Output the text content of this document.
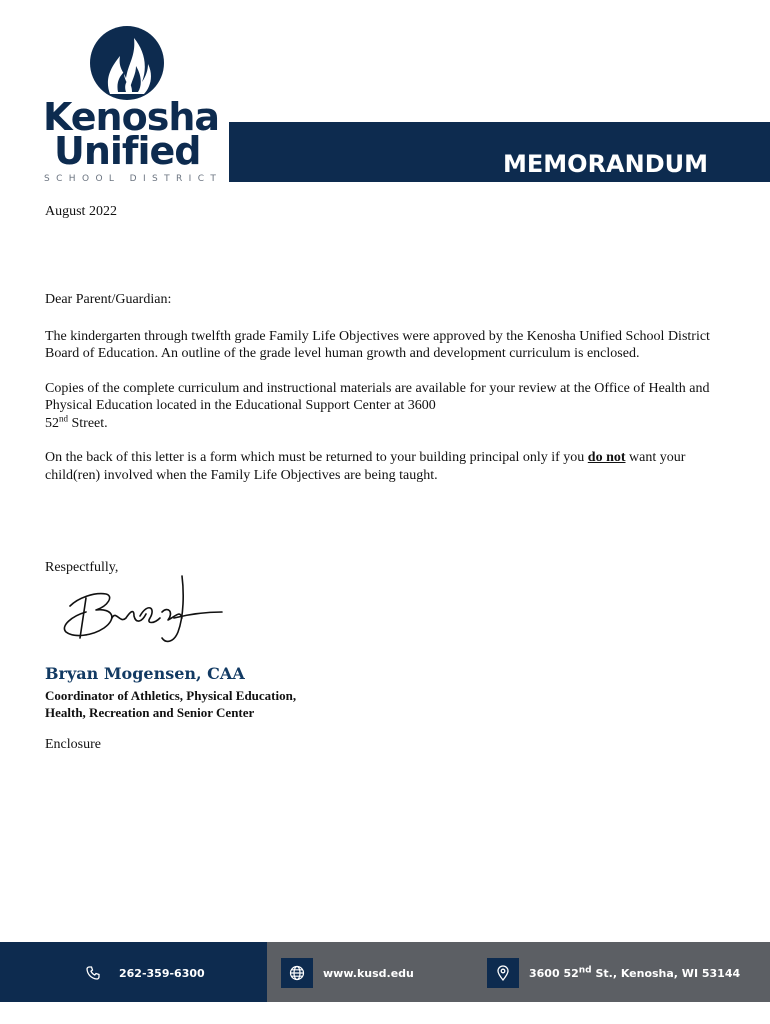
Kenosha
Unified
SCHOOL DISTRICT
MEMORANDUM
August 2022

Dear Parent/Guardian:

The kindergarten through twelfth grade Family Life Objectives were approved by the Kenosha Unified School District Board of Education. An outline of the grade level human growth and development curriculum is enclosed.

Copies of the complete curriculum and instructional materials are available for your review at the Office of Health and Physical Education located in the Educational Support Center at 3600
52nd Street.

On the back of this letter is a form which must be returned to your building principal only if you do not want your child(ren) involved when the Family Life Objectives are being taught.

Respectfully,
Bryan Mogensen, CAA
Coordinator of Athletics, Physical Education,
Health, Recreation and Senior Center
Enclosure
262-359-6300	www.kusd.edu	3600 52nd St., Kenosha, WI 53144
